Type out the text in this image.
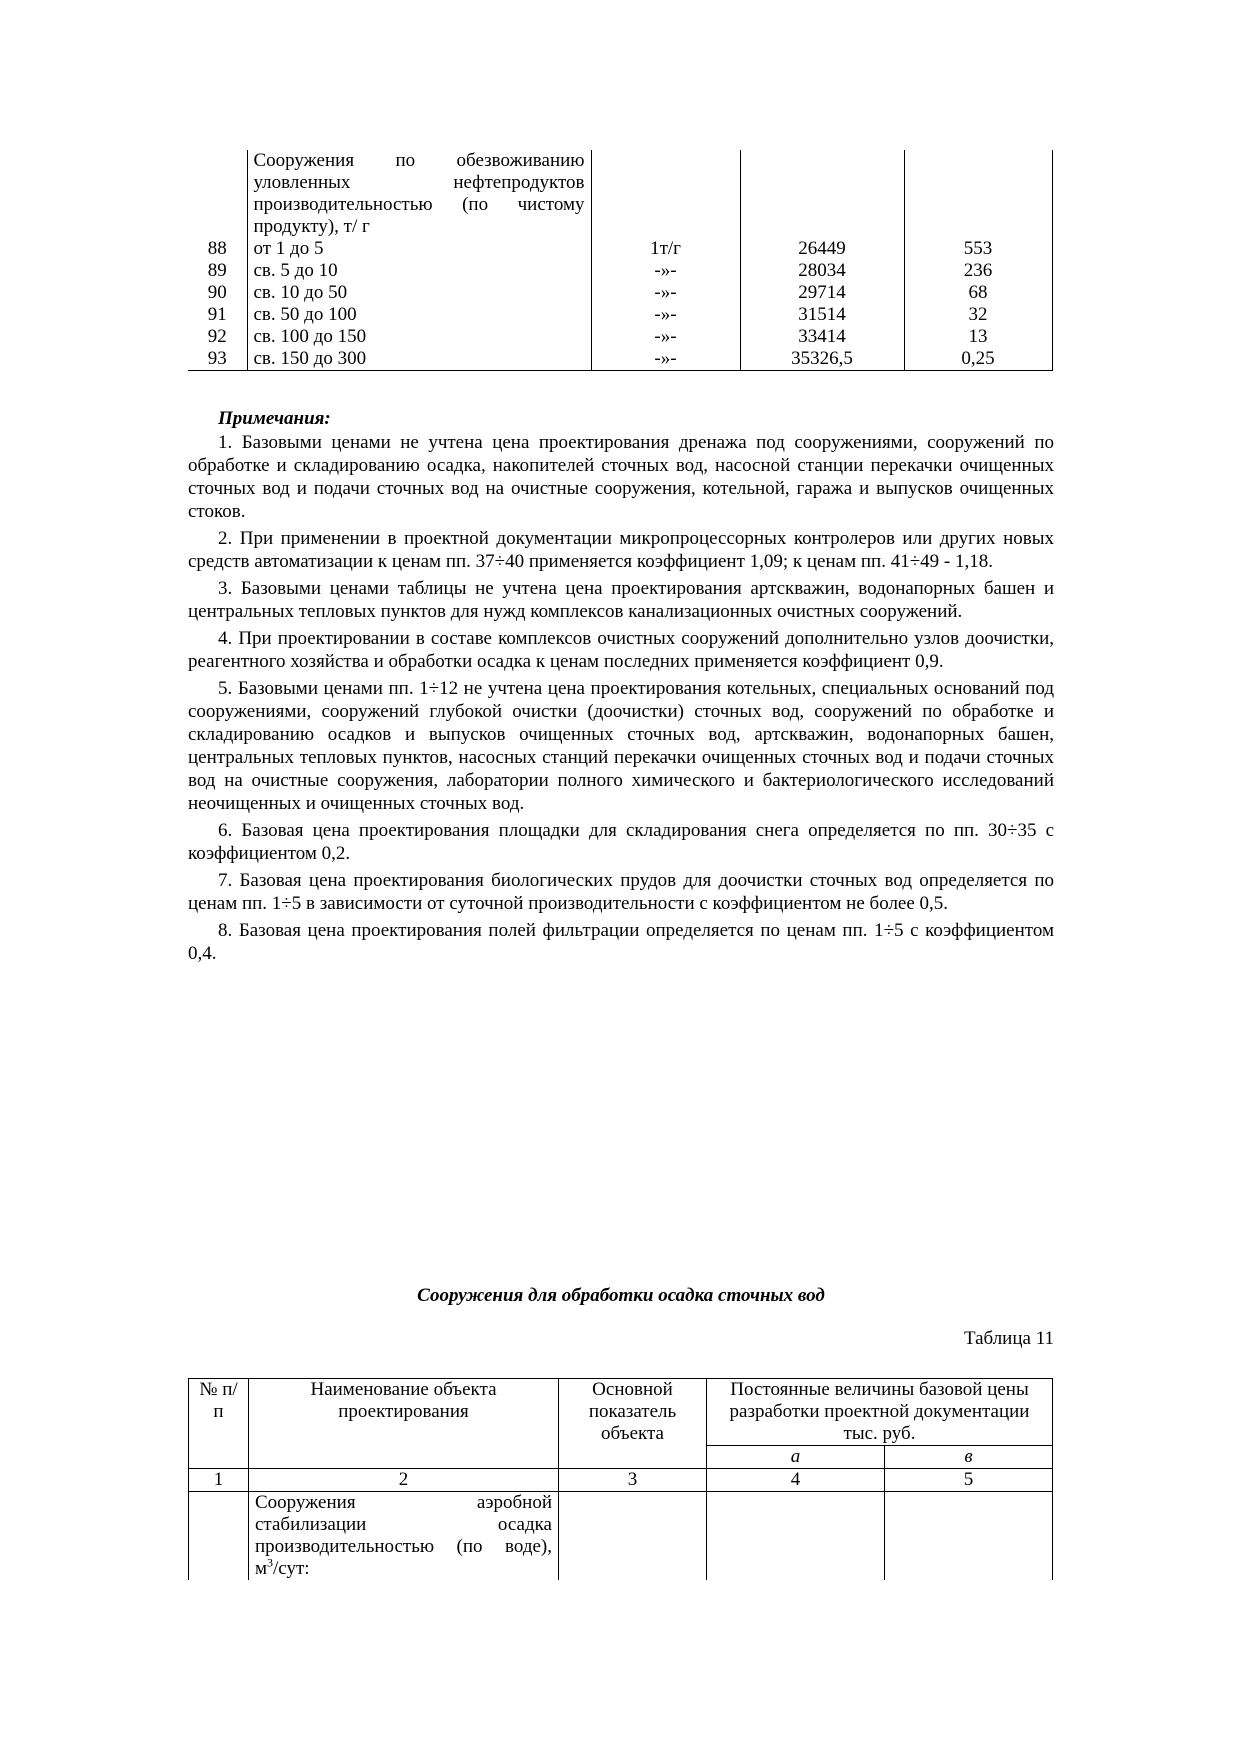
	Сооружения по обезвоживанию
уловленных нефтепродуктов
производительностью (по чистому
продукту), т/ г			

88	от 1 до 5	1т/г	26449	553
89	св. 5 до 10	-»-	28034	236
90	св. 10 до 50	-»-	29714	68
91	св. 50 до 100	-»-	31514	32
92	св. 100 до 150	-»-	33414	13
93	св. 150 до 300	-»-	35326,5	0,25
Примечания:

1. Базовыми ценами не учтена цена проектирования дренажа под сооружениями, сооружений по обработке и складированию осадка, накопителей сточных вод, насосной станции перекачки очищенных сточных вод и подачи сточных вод на очистные сооружения, котельной, гаража и выпусков очищенных стоков.

2. При применении в проектной документации микропроцессорных контролеров или других новых средств автоматизации к ценам пп. 37÷40 применяется коэффициент 1,09; к ценам пп. 41÷49 - 1,18.

3. Базовыми ценами таблицы не учтена цена проектирования артскважин, водонапорных башен и центральных тепловых пунктов для нужд комплексов канализационных очистных сооружений.

4. При проектировании в составе комплексов очистных сооружений дополнительно узлов доочистки, реагентного хозяйства и обработки осадка к ценам последних применяется коэффициент 0,9.

5. Базовыми ценами пп. 1÷12 не учтена цена проектирования котельных, специальных оснований под сооружениями, сооружений глубокой очистки (доочистки) сточных вод, сооружений по обработке и складированию осадков и выпусков очищенных сточных вод, артскважин, водонапорных башен, центральных тепловых пунктов, насосных станций перекачки очищенных сточных вод и подачи сточных вод на очистные сооружения, лаборатории полного химического и бактериологического исследований неочищенных и очищенных сточных вод.

6. Базовая цена проектирования площадки для складирования снега определяется по пп. 30÷35 с коэффициентом 0,2.

7. Базовая цена проектирования биологических прудов для доочистки сточных вод определяется по ценам пп. 1÷5 в зависимости от суточной производительности с коэффициентом не более 0,5.

8. Базовая цена проектирования полей фильтрации определяется по ценам пп. 1÷5 с коэффициентом 0,4.

Сооружения для обработки осадка сточных вод
Таблица 11
№ п/п	Наименование объекта проектирования	Основной показатель объекта	Постоянные величины базовой цены разработки проектной документации тыс. руб.	
			а	в
1	2	3	4	5

	Сооружения аэробной
стабилизации осадка
производительностью (по воде),
$м^3$/сут:			
